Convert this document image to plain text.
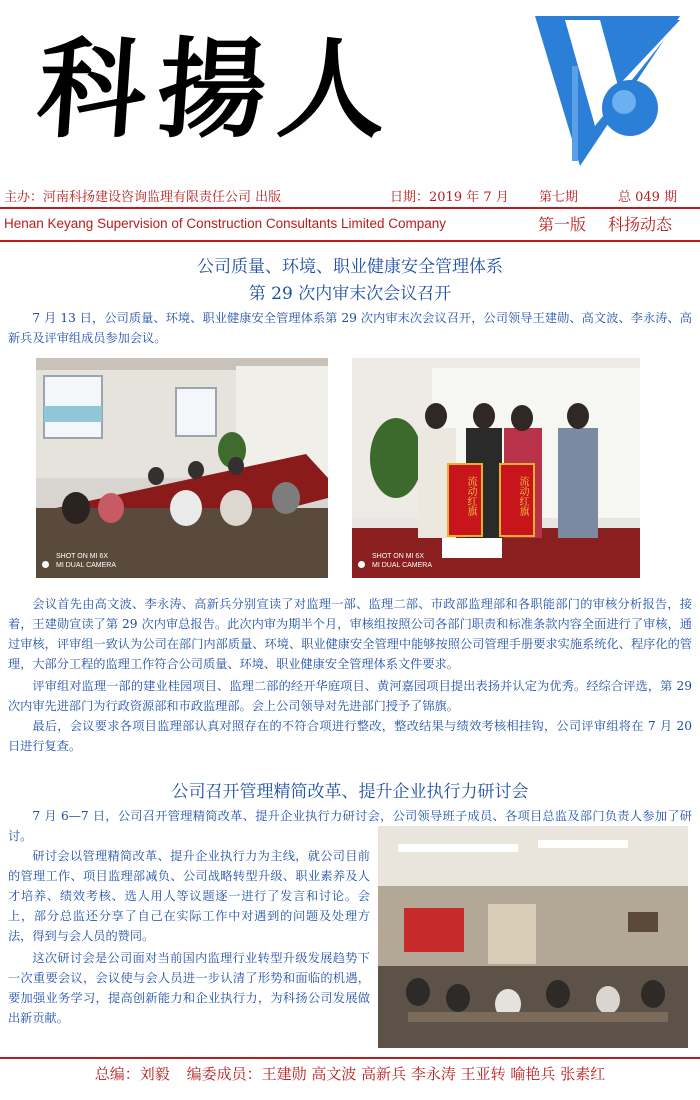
科揚人
主办：河南科扬建设咨询监理有限责任公司 出版	日期：2019 年 7 月 第七期	总 049 期
Henan Keyang Supervision of Construction Consultants Limited Company	第一版 科扬动态
公司质量、环境、职业健康安全管理体系
第 29 次内审末次会议召开
7 月 13 日，公司质量、环境、职业健康安全管理体系第 29 次内审末次会议召开，公司领导王建勋、高文波、李永涛、高新兵及评审组成员参加会议。
SHOT ON MI 6X
MI DUAL CAMERA
流动红旗	流动红旗
SHOT ON MI 6X
MI DUAL CAMERA
会议首先由高文波、李永涛、高新兵分别宣读了对监理一部、监理二部、市政部监理部和各职能部门的审核分析报告，接着，王建勋宣读了第 29 次内审总报告。此次内审为期半个月，审核组按照公司各部门职责和标准条款内容全面进行了审核，通过审核，评审组一致认为公司在部门内部质量、环境、职业健康安全管理中能够按照公司管理手册要求实施系统化、程序化的管理，大部分工程的监理工作符合公司质量、环境、职业健康安全管理体系文件要求。
评审组对监理一部的建业桂园项目、监理二部的经开华庭项目、黄河嘉园项目提出表扬并认定为优秀。经综合评选，第 29 次内审先进部门为行政资源部和市政监理部。会上公司领导对先进部门授予了锦旗。
最后，会议要求各项目监理部认真对照存在的不符合项进行整改，整改结果与绩效考核相挂钩，公司评审组将在 7 月 20 日进行复查。
公司召开管理精简改革、提升企业执行力研讨会
7 月 6—7 日，公司召开管理精简改革、提升企业执行力研讨会，公司领导班子成员、各项目总监及部门负责人参加了研讨。
研讨会以管理精简改革、提升企业执行力为主线，就公司目前的管理工作、项目监理部减负、公司战略转型升级、职业素养及人才培养、绩效考核、选人用人等议题逐一进行了发言和讨论。会上，部分总监还分享了自己在实际工作中对遇到的问题及处理方法，得到与会人员的赞同。
这次研讨会是公司面对当前国内监理行业转型升级发展趋势下一次重要会议，会议使与会人员进一步认清了形势和面临的机遇，要加强业务学习，提高创新能力和企业执行力，为科扬公司发展做出新贡献。
总编：刘毅 编委成员：王建勋 高文波 高新兵 李永涛 王亚转 喻艳兵 张素红
